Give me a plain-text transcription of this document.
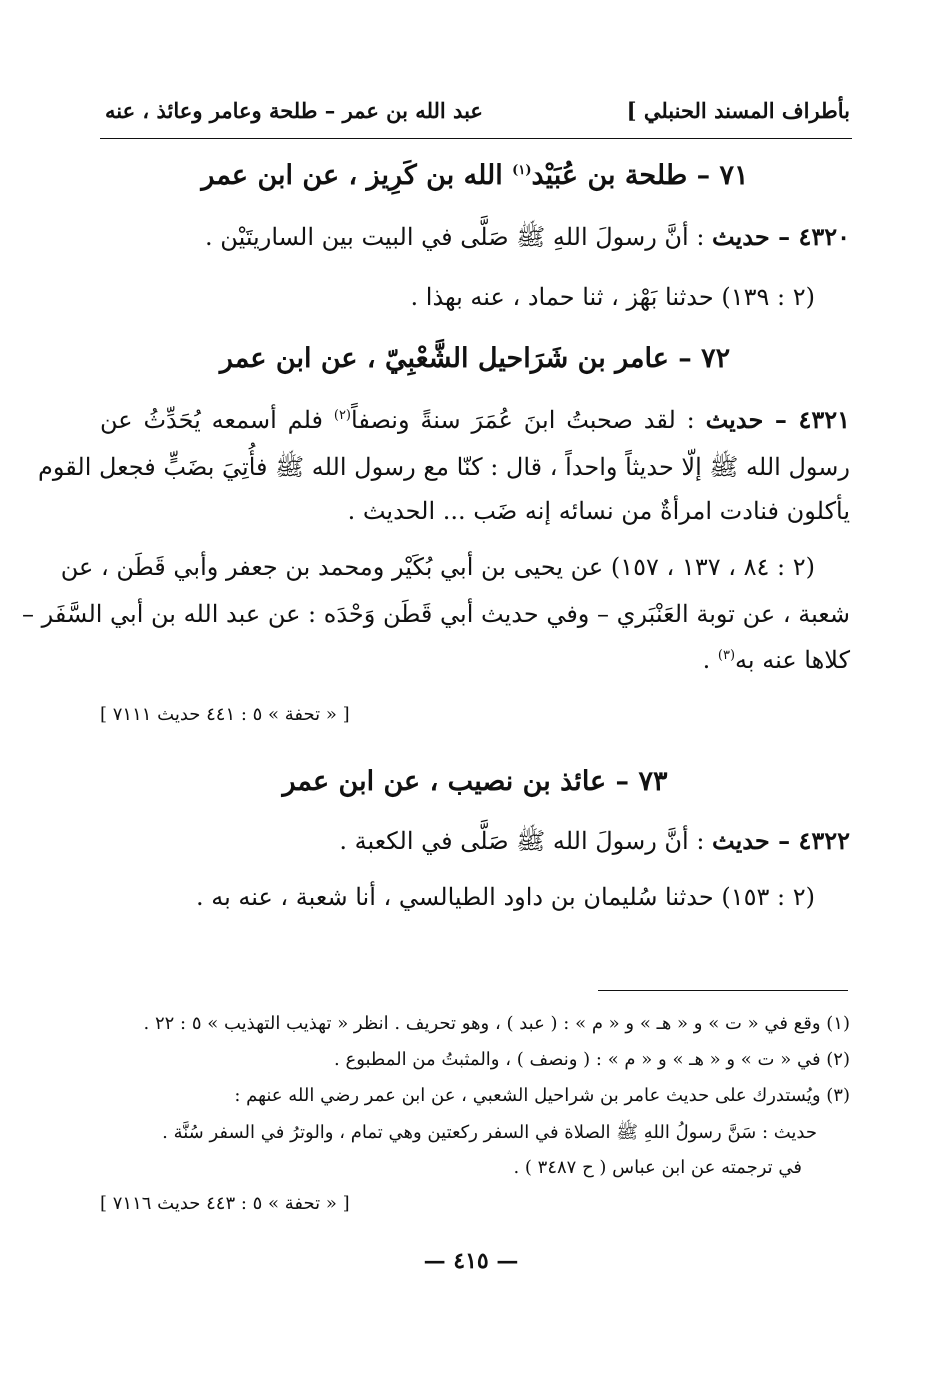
بأطراف المسند الحنبلي ]
عبد الله بن عمر – طلحة وعامر وعائذ ، عنه
٧١ – طلحة بن عُبَيْد$^{(١)}$ الله بن كَرِيز ، عن ابن عمر
٤٣٢٠ – حديث : أنَّ رسولَ اللهِ ﷺ صَلَّى في البيت بين الساريتَيْن .
(٢ : ١٣٩) حدثنا بَهْز ، ثنا حماد ، عنه بهذا .
٧٢ – عامر بن شَرَاحيل الشَّعْبِيّ ، عن ابن عمر
٤٣٢١ – حديث : لقد صحبتُ ابنَ عُمَرَ سنةً ونصفاً$^{(٢)}$ فلم أسمعه يُحَدِّثُ عن
رسول الله ﷺ إلّا حديثاً واحداً ، قال : كنّا مع رسول الله ﷺ فأُتِيَ بضَبٍّ فجعل القوم
يأكلون فنادت امرأةٌ من نسائه إنه ضَب ... الحديث .
(٢ : ٨٤ ، ١٣٧ ، ١٥٧) عن يحيى بن أبي بُكَيْر ومحمد بن جعفر وأبي قَطَن ، عن
شعبة ، عن توبة العَنْبَري – وفي حديث أبي قَطَن وَحْدَه : عن عبد الله بن أبي السَّفَر –
كلاها عنه به$^{(٣)}$ .
[ « تحفة » ٥ : ٤٤١ حديث ٧١١١ ]
٧٣ – عائذ بن نصيب ، عن ابن عمر
٤٣٢٢ – حديث : أنَّ رسولَ الله ﷺ صَلَّى في الكعبة .
(٢ : ١٥٣) حدثنا سُليمان بن داود الطيالسي ، أنا شعبة ، عنه به .
(١) وقع في « ت » و « هـ » و « م » : ( عبد ) ، وهو تحريف . انظر « تهذيب التهذيب » ٥ : ٢٢ .
(٢) في « ت » و « هـ » و « م » : ( ونصف ) ، والمثبتُ من المطبوع .
(٣) ويُستدرك على حديث عامر بن شراحيل الشعبي ، عن ابن عمر رضي الله عنهم :
حديث : سَنَّ رسولُ اللهِ ﷺ الصلاة في السفر ركعتين وهي تمام ، والوترُ في السفر سُنَّة .
في ترجمته عن ابن عباس ( ح ٣٤٨٧ ) .
[ « تحفة » ٥ : ٤٤٣ حديث ٧١١٦ ]
— ٤١٥ —
